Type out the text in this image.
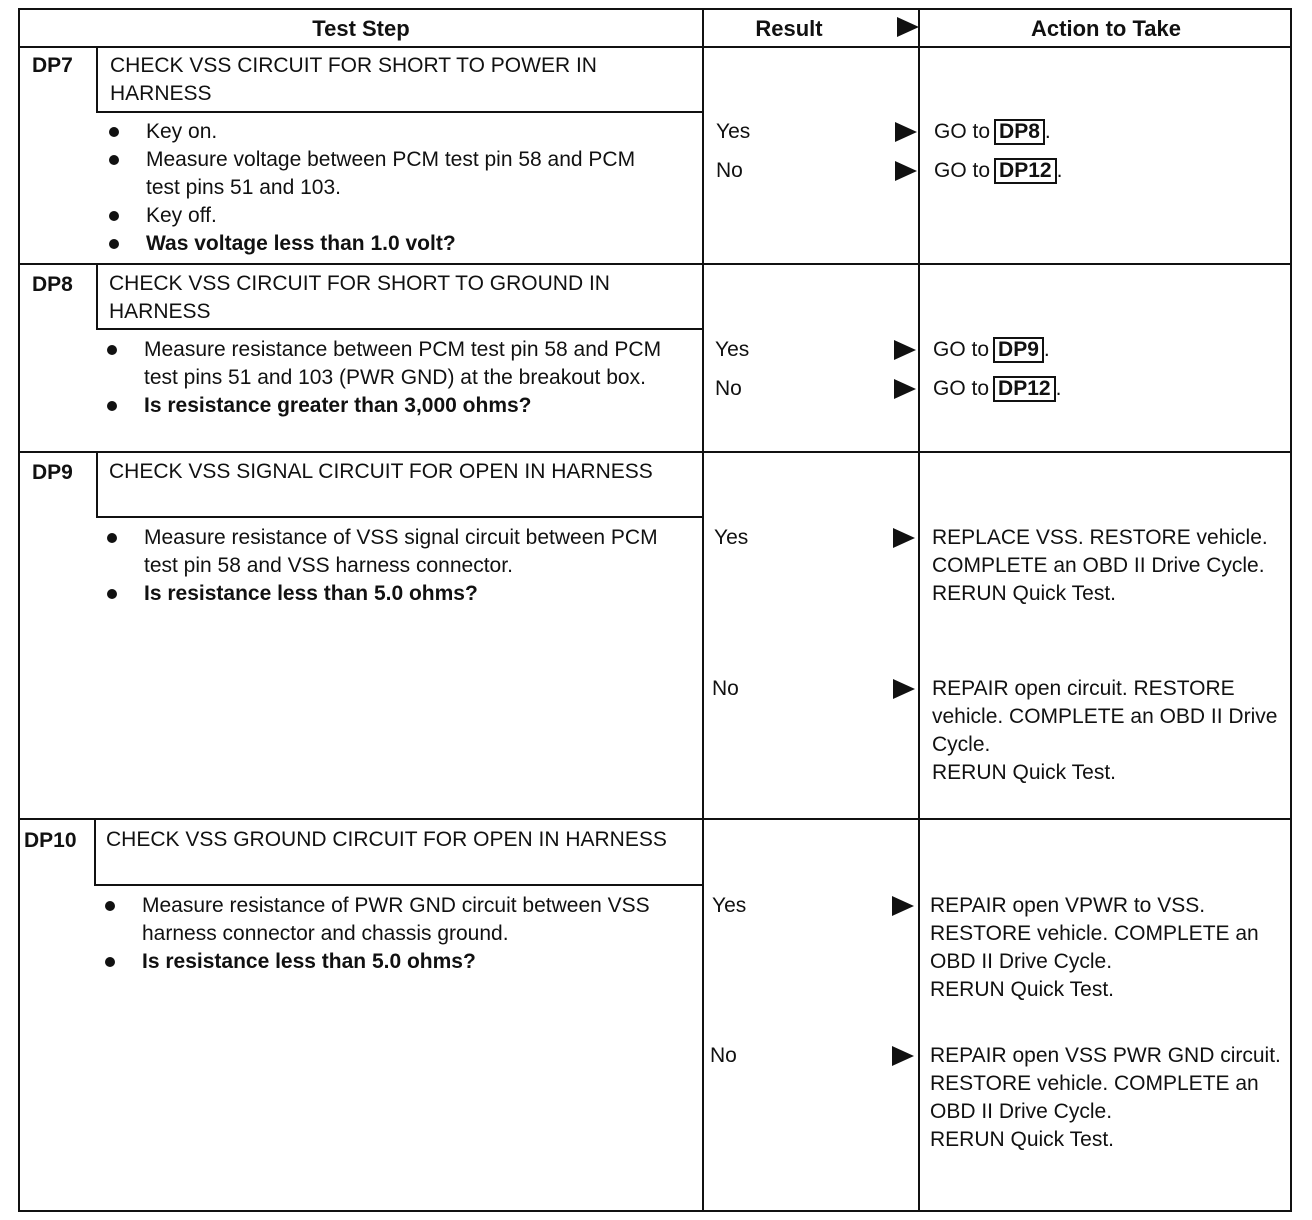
Test Step	Result	Action to Take
DP7 CHECK VSS CIRCUIT FOR SHORT TO POWER IN HARNESS
Key on.
Measure voltage between PCM test pin 58 and PCM test pins 51 and 103.
Key off.
Was voltage less than 1.0 volt?
Yes	GO to DP8 .
No	GO to DP12 .
DP8 CHECK VSS CIRCUIT FOR SHORT TO GROUND IN HARNESS
Measure resistance between PCM test pin 58 and PCM test pins 51 and 103 (PWR GND) at the breakout box.
Is resistance greater than 3,000 ohms?
Yes	GO to DP9 .
No	GO to DP12 .
DP9 CHECK VSS SIGNAL CIRCUIT FOR OPEN IN HARNESS
Measure resistance of VSS signal circuit between PCM test pin 58 and VSS harness connector.
Is resistance less than 5.0 ohms?
Yes	REPLACE VSS. RESTORE vehicle. COMPLETE an OBD II Drive Cycle.
RERUN Quick Test.
No	REPAIR open circuit. RESTORE vehicle. COMPLETE an OBD II Drive Cycle.
RERUN Quick Test.
DP10 CHECK VSS GROUND CIRCUIT FOR OPEN IN HARNESS
Measure resistance of PWR GND circuit between VSS harness connector and chassis ground.
Is resistance less than 5.0 ohms?
Yes	REPAIR open VPWR to VSS. RESTORE vehicle. COMPLETE an OBD II Drive Cycle.
RERUN Quick Test.
No	REPAIR open VSS PWR GND circuit. RESTORE vehicle. COMPLETE an OBD II Drive Cycle.
RERUN Quick Test.
